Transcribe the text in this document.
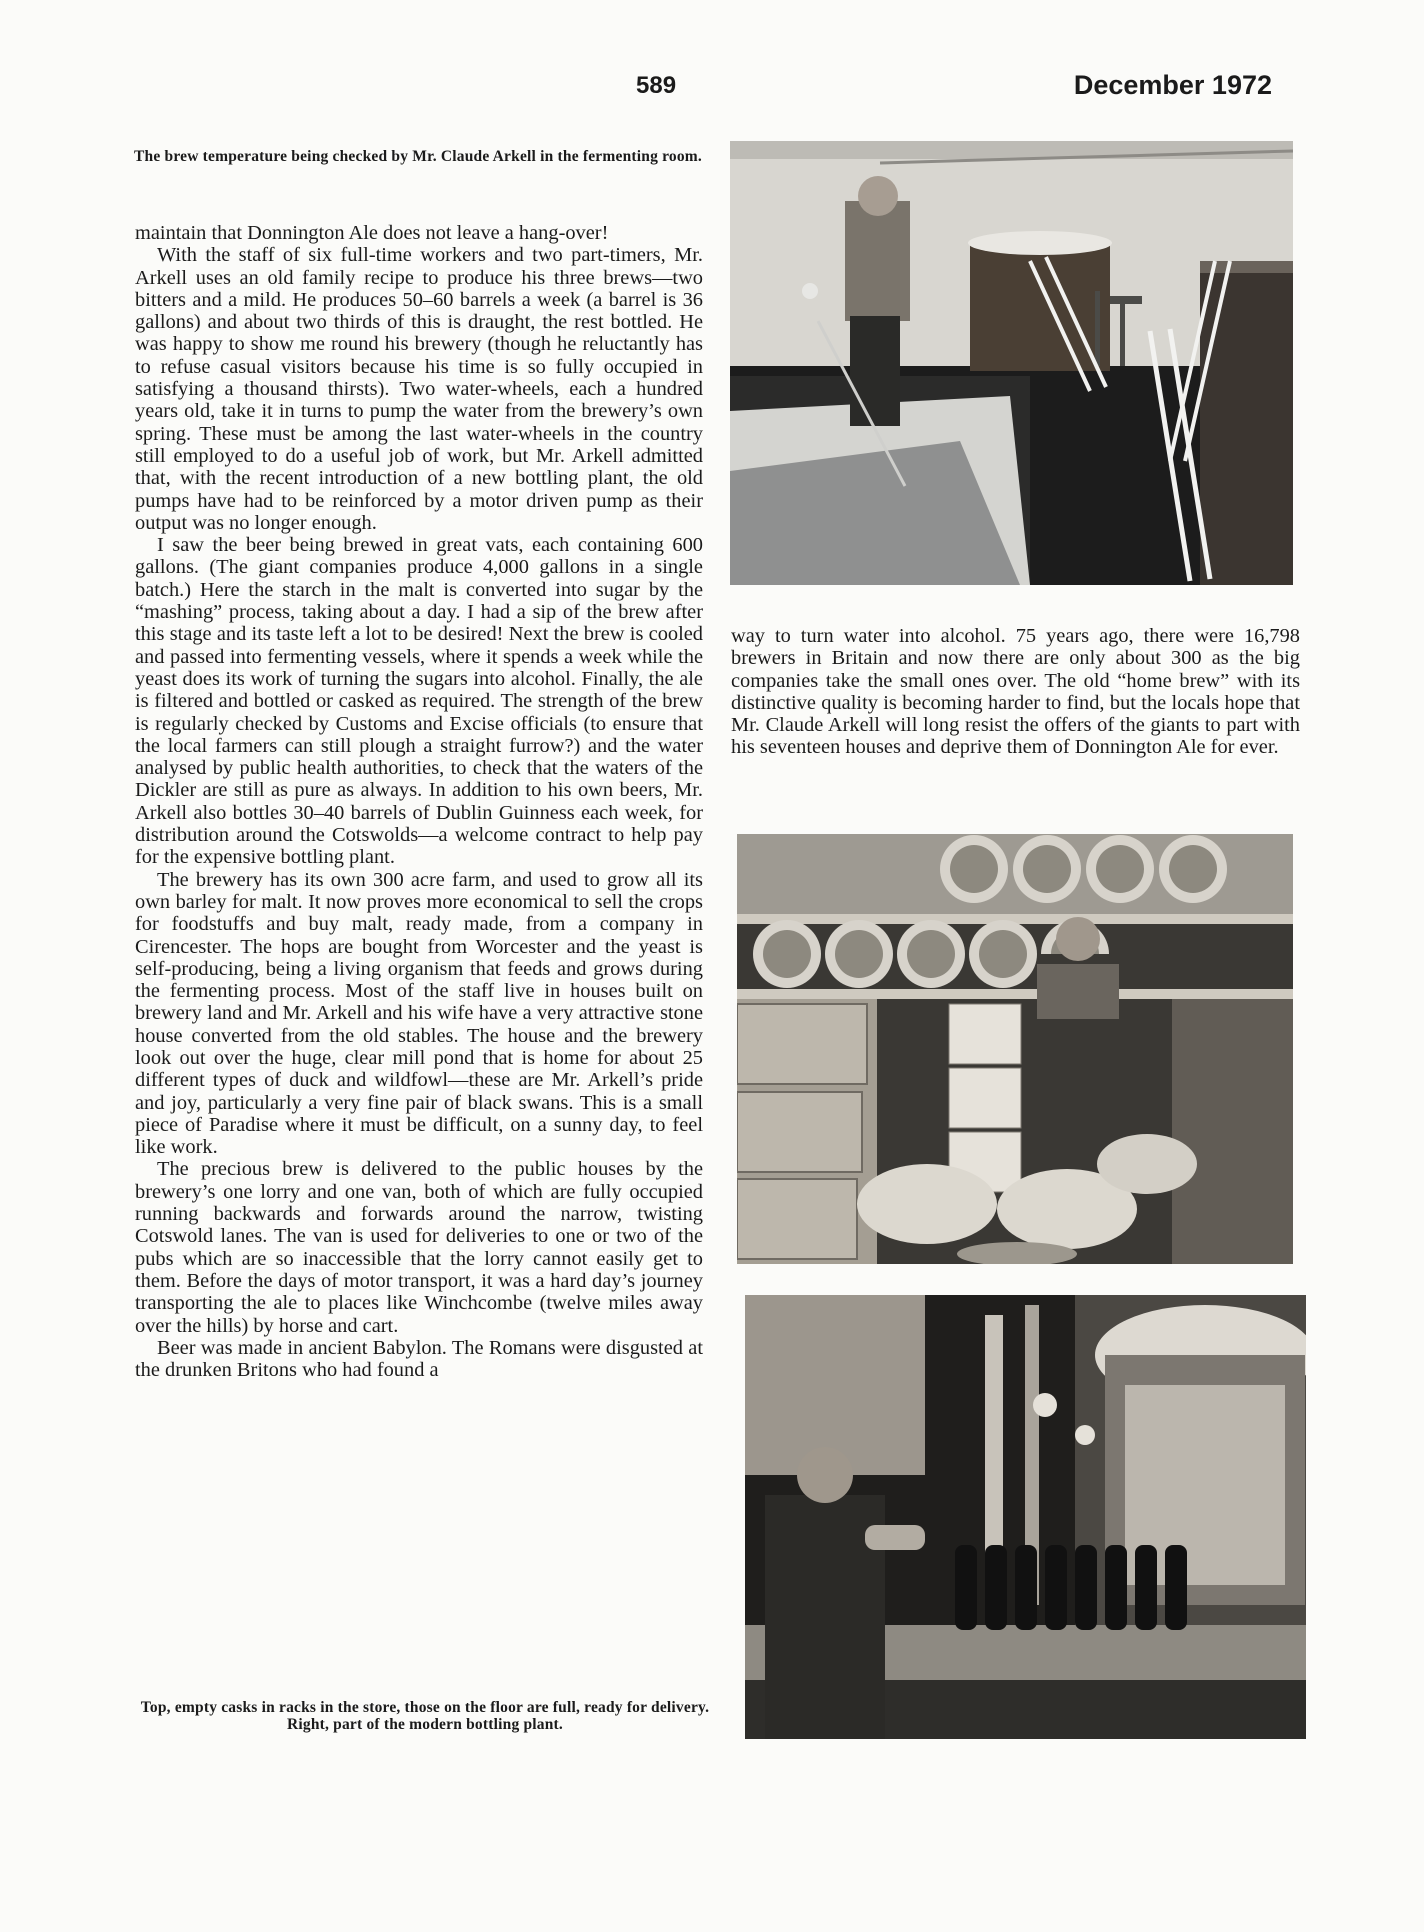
589	December 1972
The brew temperature being checked by Mr. Claude Arkell in the fermenting room.

maintain that Donnington Ale does not leave a hang-over!

With the staff of six full-time workers and two part-timers, Mr. Arkell uses an old family recipe to produce his three brews—two bitters and a mild. He produces 50–60 barrels a week (a barrel is 36 gallons) and about two thirds of this is draught, the rest bottled. He was happy to show me round his brewery (though he reluctantly has to refuse casual visitors because his time is so fully occupied in satisfying a thousand thirsts). Two water-wheels, each a hundred years old, take it in turns to pump the water from the brewery’s own spring. These must be among the last water-wheels in the country still employed to do a useful job of work, but Mr. Arkell admitted that, with the recent introduction of a new bottling plant, the old pumps have had to be reinforced by a motor driven pump as their output was no longer enough.

I saw the beer being brewed in great vats, each containing 600 gallons. (The giant companies produce 4,000 gallons in a single batch.) Here the starch in the malt is converted into sugar by the “mashing” process, taking about a day. I had a sip of the brew after this stage and its taste left a lot to be desired! Next the brew is cooled and passed into fermenting vessels, where it spends a week while the yeast does its work of turning the sugars into alcohol. Finally, the ale is filtered and bottled or casked as required. The strength of the brew is regularly checked by Customs and Excise officials (to ensure that the local farmers can still plough a straight furrow?) and the water analysed by public health authorities, to check that the waters of the Dickler are still as pure as always. In addition to his own beers, Mr. Arkell also bottles 30–40 barrels of Dublin Guinness each week, for distribution around the Cotswolds—a welcome contract to help pay for the expensive bottling plant.

The brewery has its own 300 acre farm, and used to grow all its own barley for malt. It now proves more economical to sell the crops for foodstuffs and buy malt, ready made, from a company in Cirencester. The hops are bought from Worcester and the yeast is self-producing, being a living organism that feeds and grows during the fermenting process. Most of the staff live in houses built on brewery land and Mr. Arkell and his wife have a very attractive stone house converted from the old stables. The house and the brewery look out over the huge, clear mill pond that is home for about 25 different types of duck and wildfowl—these are Mr. Arkell’s pride and joy, particularly a very fine pair of black swans. This is a small piece of Paradise where it must be difficult, on a sunny day, to feel like work.

The precious brew is delivered to the public houses by the brewery’s one lorry and one van, both of which are fully occupied running backwards and forwards around the narrow, twisting Cotswold lanes. The van is used for deliveries to one or two of the pubs which are so inaccessible that the lorry cannot easily get to them. Before the days of motor transport, it was a hard day’s journey transporting the ale to places like Winchcombe (twelve miles away over the hills) by horse and cart.

Beer was made in ancient Babylon. The Romans were disgusted at the drunken Britons who had found a

way to turn water into alcohol. 75 years ago, there were 16,798 brewers in Britain and now there are only about 300 as the big companies take the small ones over. The old “home brew” with its distinctive quality is becoming harder to find, but the locals hope that Mr. Claude Arkell will long resist the offers of the giants to part with his seventeen houses and deprive them of Donnington Ale for ever.

Top, empty casks in racks in the store, those on the floor are full, ready for delivery. Right, part of the modern bottling plant.
